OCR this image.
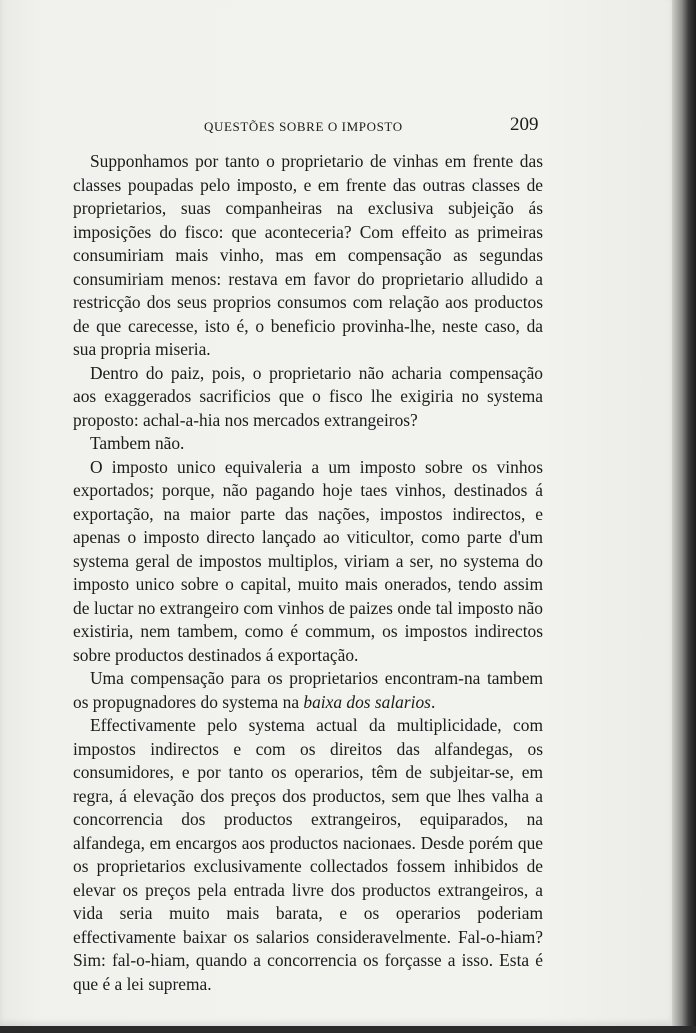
QUESTÕES SOBRE O IMPOSTO	209

Supponhamos por tanto o proprietario de vinhas em frente das classes poupadas pelo imposto, e em frente das outras classes de proprietarios, suas companheiras na exclusiva subjeição ás imposições do fisco: que aconteceria? Com effeito as primeiras consumiriam mais vinho, mas em compensação as segundas consumiriam menos: restava em favor do proprietario alludido a restricção dos seus proprios consumos com relação aos productos de que carecesse, isto é, o beneficio provinha-lhe, neste caso, da sua propria miseria.

Dentro do paiz, pois, o proprietario não acharia compensação aos exaggerados sacrificios que o fisco lhe exigiria no systema proposto: achal-a-hia nos mercados extrangeiros?

Tambem não.

O imposto unico equivaleria a um imposto sobre os vinhos exportados; porque, não pagando hoje taes vinhos, destinados á exportação, na maior parte das nações, impostos indirectos, e apenas o imposto directo lançado ao viticultor, como parte d'um systema geral de impostos multiplos, viriam a ser, no systema do imposto unico sobre o capital, muito mais onerados, tendo assim de luctar no extrangeiro com vinhos de paizes onde tal imposto não existiria, nem tambem, como é commum, os impostos indirectos sobre productos destinados á exportação.

Uma compensação para os proprietarios encontram-na tambem os propugnadores do systema na baixa dos salarios.

Effectivamente pelo systema actual da multiplicidade, com impostos indirectos e com os direitos das alfandegas, os consumidores, e por tanto os operarios, têm de subjeitar-se, em regra, á elevação dos preços dos productos, sem que lhes valha a concorrencia dos productos extrangeiros, equiparados, na alfandega, em encargos aos productos nacionaes. Desde porém que os proprietarios exclusivamente collectados fossem inhibidos de elevar os preços pela entrada livre dos productos extrangeiros, a vida seria muito mais barata, e os operarios poderiam effectivamente baixar os salarios consideravelmente. Fal-o-hiam? Sim: fal-o-hiam, quando a concorrencia os forçasse a isso. Esta é que é a lei suprema.
